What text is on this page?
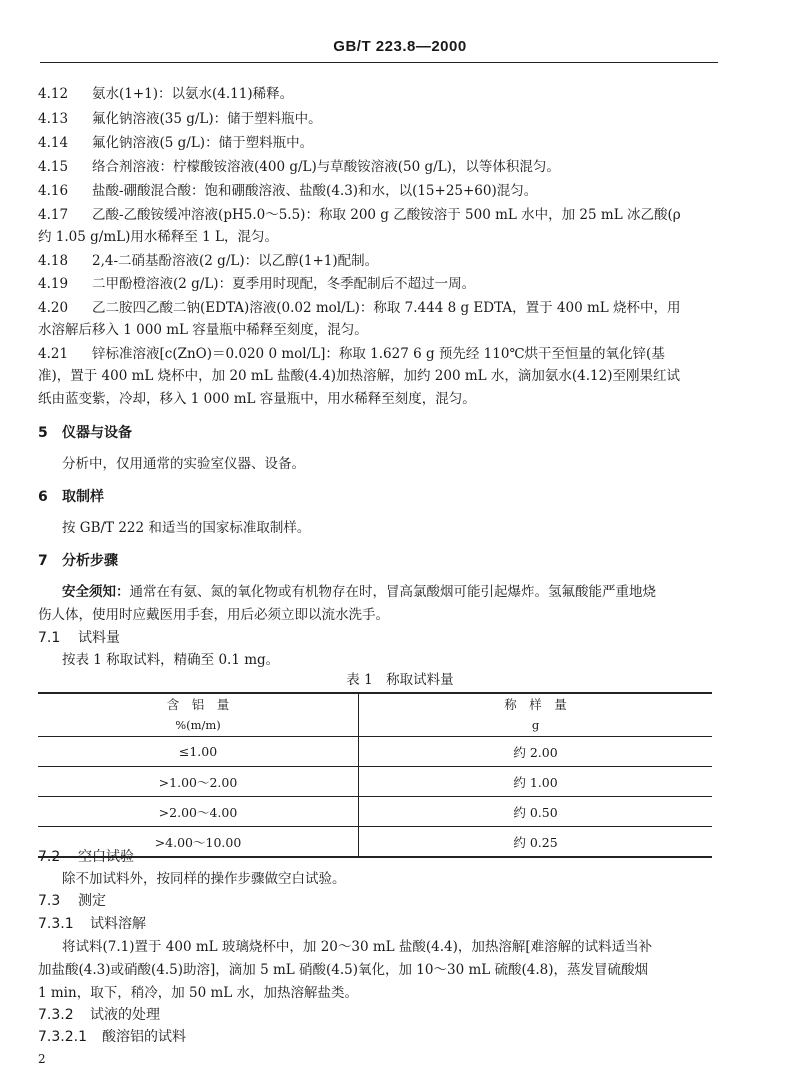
GB/T 223.8—2000
4.12 氨水(1+1)：以氨水(4.11)稀释。
4.13 氟化钠溶液(35 g/L)：储于塑料瓶中。
4.14 氟化钠溶液(5 g/L)：储于塑料瓶中。
4.15 络合剂溶液：柠檬酸铵溶液(400 g/L)与草酸铵溶液(50 g/L)，以等体积混匀。
4.16 盐酸-硼酸混合酸：饱和硼酸溶液、盐酸(4.3)和水，以(15+25+60)混匀。
4.17 乙酸-乙酸铵缓冲溶液(pH5.0～5.5)：称取 200 g 乙酸铵溶于 500 mL 水中，加 25 mL 冰乙酸(ρ
约 1.05 g/mL)用水稀释至 1 L，混匀。
4.18 2,4-二硝基酚溶液(2 g/L)：以乙醇(1+1)配制。
4.19 二甲酚橙溶液(2 g/L)：夏季用时现配，冬季配制后不超过一周。
4.20 乙二胺四乙酸二钠(EDTA)溶液(0.02 mol/L)：称取 7.444 8 g EDTA，置于 400 mL 烧杯中，用
水溶解后移入 1 000 mL 容量瓶中稀释至刻度，混匀。
4.21 锌标准溶液[c(ZnO)＝0.020 0 mol/L]：称取 1.627 6 g 预先经 110℃烘干至恒量的氧化锌(基
准)，置于 400 mL 烧杯中，加 20 mL 盐酸(4.4)加热溶解，加约 200 mL 水，滴加氨水(4.12)至刚果红试
纸由蓝变紫，冷却，移入 1 000 mL 容量瓶中，用水稀释至刻度，混匀。
5 仪器与设备
分析中，仅用通常的实验室仪器、设备。
6 取制样
按 GB/T 222 和适当的国家标准取制样。
7 分析步骤
安全须知：通常在有氨、氮的氧化物或有机物存在时，冒高氯酸烟可能引起爆炸。氢氟酸能严重地烧
伤人体，使用时应戴医用手套，用后必须立即以流水洗手。
7.1 试料量
按表 1 称取试料，精确至 0.1 mg。
表 1　称取试料量
含　铝　量	称　样　量
%(m/m)	g
≤1.00	约 2.00
>1.00～2.00	约 1.00
>2.00～4.00	约 0.50
>4.00～10.00	约 0.25
7.2 空白试验
除不加试料外，按同样的操作步骤做空白试验。
7.3 测定
7.3.1 试料溶解
将试料(7.1)置于 400 mL 玻璃烧杯中，加 20～30 mL 盐酸(4.4)，加热溶解[难溶解的试料适当补
加盐酸(4.3)或硝酸(4.5)助溶]，滴加 5 mL 硝酸(4.5)氧化，加 10～30 mL 硫酸(4.8)，蒸发冒硫酸烟
1 min，取下，稍冷，加 50 mL 水，加热溶解盐类。
7.3.2 试液的处理
7.3.2.1 酸溶铝的试料
2
